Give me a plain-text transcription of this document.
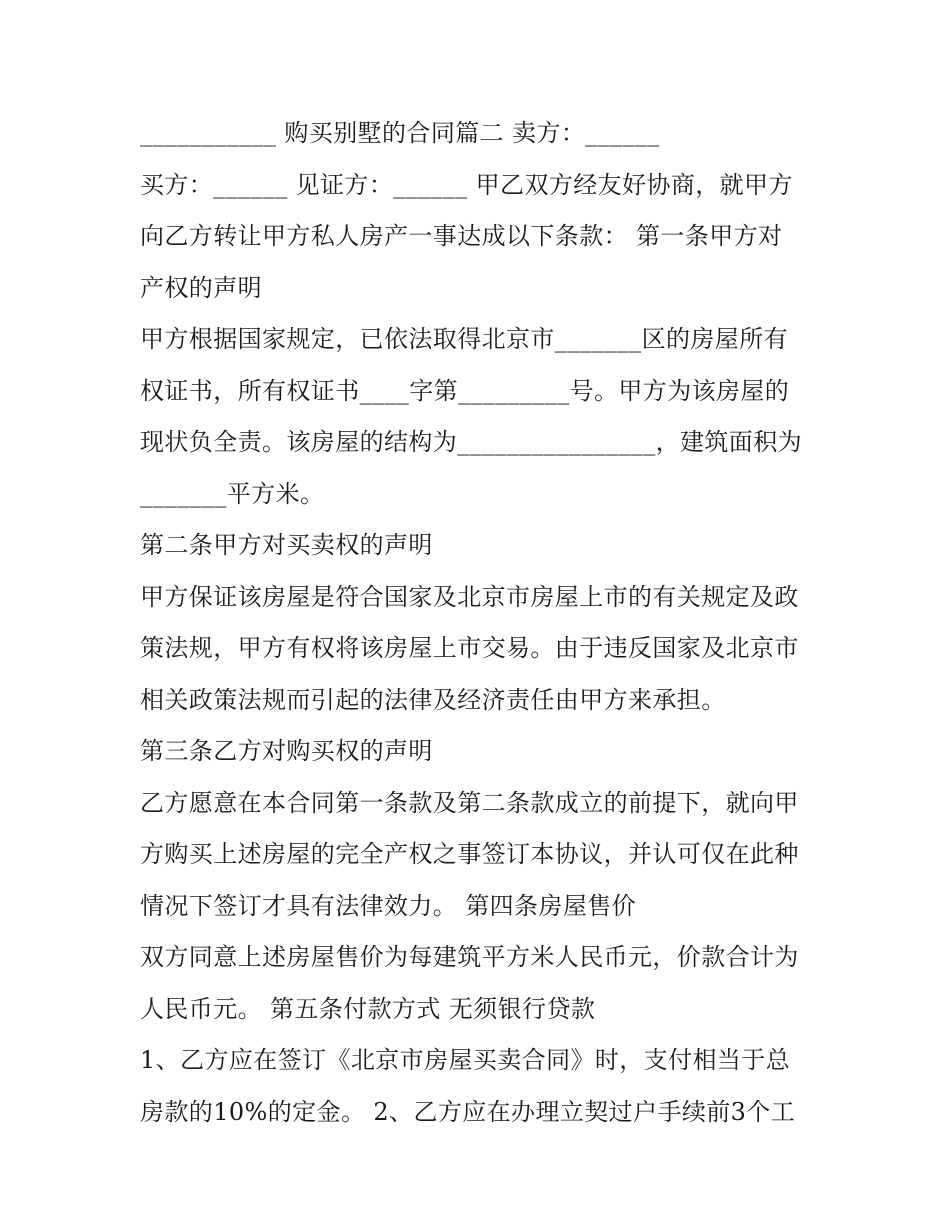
___________ 购买别墅的合同篇二 卖方：______
买方：______ 见证方：______ 甲乙双方经友好协商，就甲方
向乙方转让甲方私人房产一事达成以下条款： 第一条甲方对
产权的声明
甲方根据国家规定，已依法取得北京市_______区的房屋所有
权证书，所有权证书____字第_________号。甲方为该房屋的
现状负全责。该房屋的结构为________________，建筑面积为
_______平方米。
第二条甲方对买卖权的声明
甲方保证该房屋是符合国家及北京市房屋上市的有关规定及政
策法规，甲方有权将该房屋上市交易。由于违反国家及北京市
相关政策法规而引起的法律及经济责任由甲方来承担。
第三条乙方对购买权的声明
乙方愿意在本合同第一条款及第二条款成立的前提下，就向甲
方购买上述房屋的完全产权之事签订本协议，并认可仅在此种
情况下签订才具有法律效力。 第四条房屋售价
双方同意上述房屋售价为每建筑平方米人民币元，价款合计为
人民币元。 第五条付款方式 无须银行贷款
1、乙方应在签订《北京市房屋买卖合同》时，支付相当于总
房款的10%的定金。 2、乙方应在办理立契过户手续前3个工
